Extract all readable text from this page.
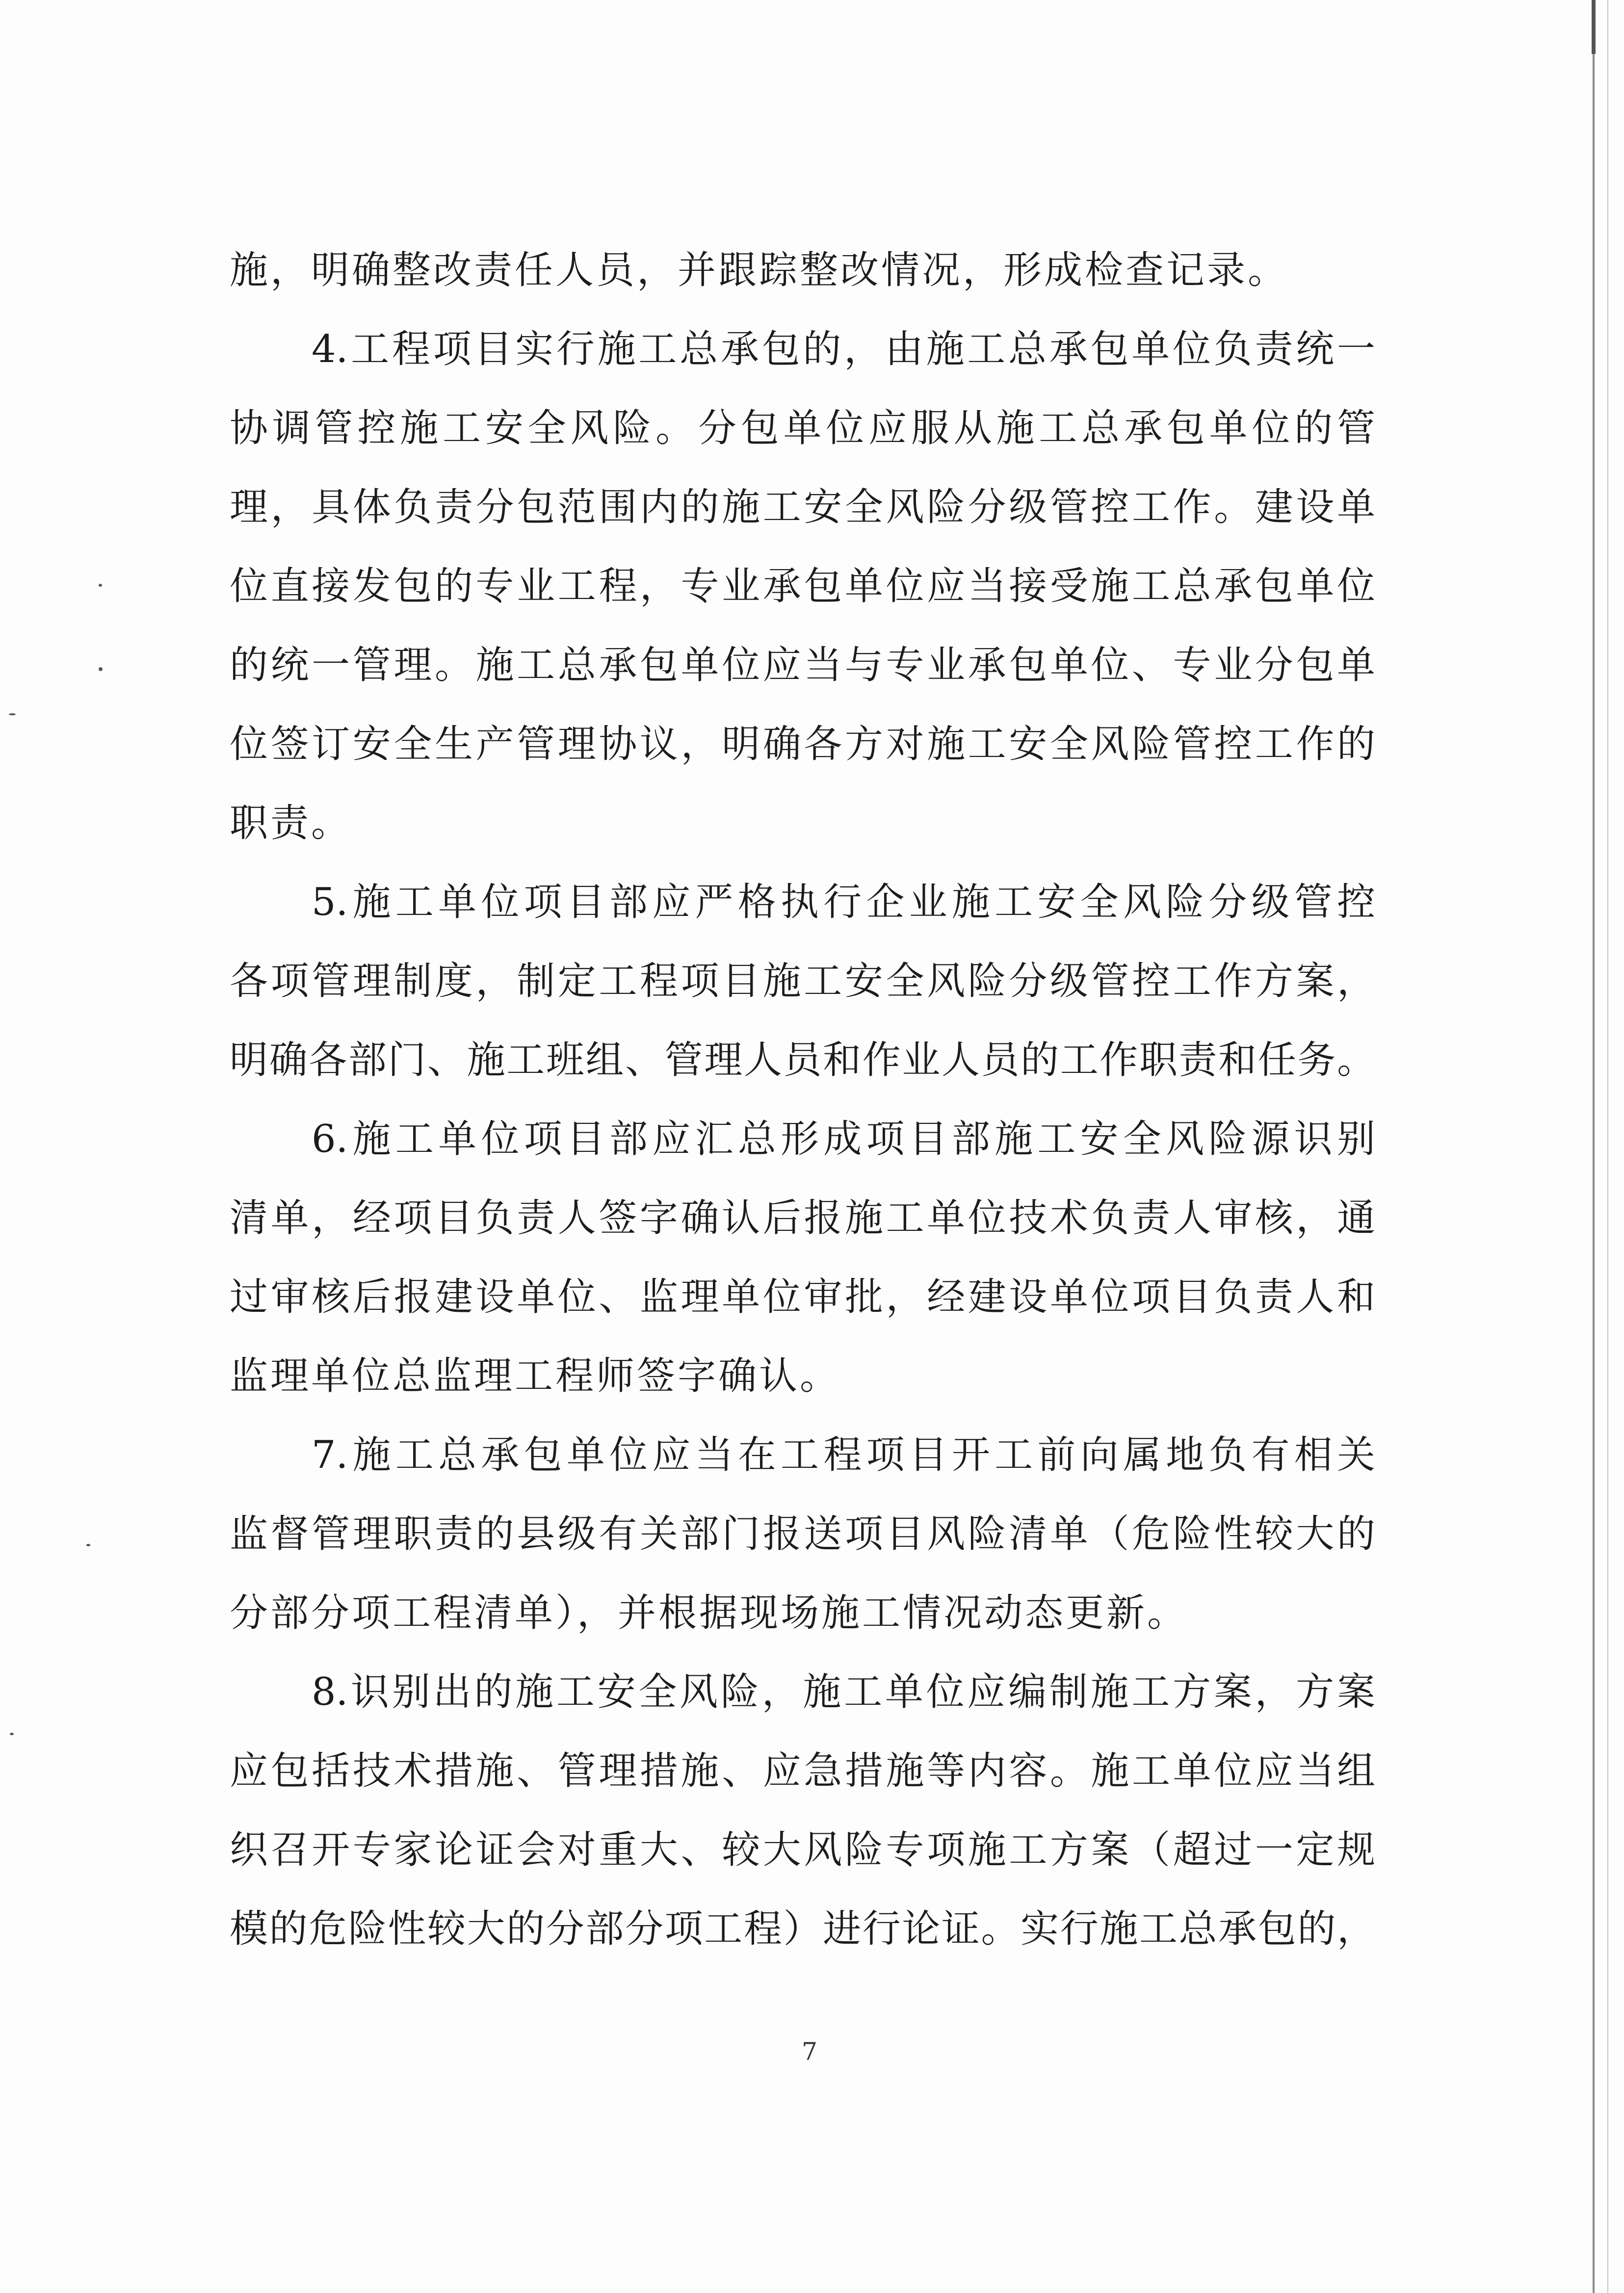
施，明确整改责任人员，并跟踪整改情况，形成检查记录。
4.工程项目实行施工总承包的，由施工总承包单位负责统一
协调管控施工安全风险。分包单位应服从施工总承包单位的管
理，具体负责分包范围内的施工安全风险分级管控工作。建设单
位直接发包的专业工程，专业承包单位应当接受施工总承包单位
的统一管理。施工总承包单位应当与专业承包单位、专业分包单
位签订安全生产管理协议，明确各方对施工安全风险管控工作的
职责。
5.施工单位项目部应严格执行企业施工安全风险分级管控
各项管理制度，制定工程项目施工安全风险分级管控工作方案，
明确各部门、施工班组、管理人员和作业人员的工作职责和任务。
6.施工单位项目部应汇总形成项目部施工安全风险源识别
清单，经项目负责人签字确认后报施工单位技术负责人审核，通
过审核后报建设单位、监理单位审批，经建设单位项目负责人和
监理单位总监理工程师签字确认。
7.施工总承包单位应当在工程项目开工前向属地负有相关
监督管理职责的县级有关部门报送项目风险清单（危险性较大的
分部分项工程清单），并根据现场施工情况动态更新。
8.识别出的施工安全风险，施工单位应编制施工方案，方案
应包括技术措施、管理措施、应急措施等内容。施工单位应当组
织召开专家论证会对重大、较大风险专项施工方案（超过一定规
模的危险性较大的分部分项工程）进行论证。实行施工总承包的，
7
